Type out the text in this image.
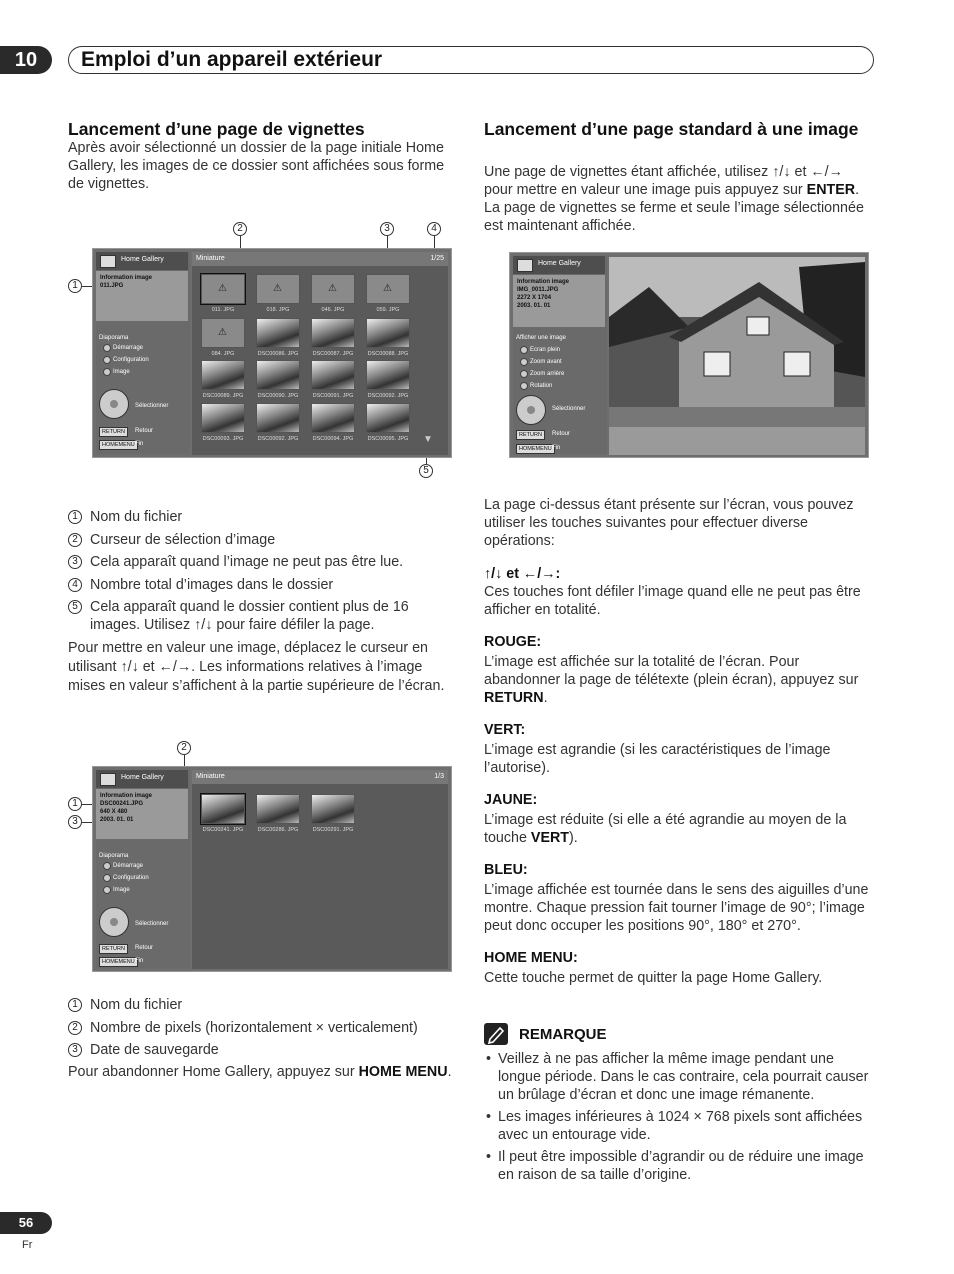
10	Emploi d’un appareil extérieur
Lancement d’une page de vignettes

Après avoir sélectionné un dossier de la page initiale Home Gallery, les images de ce dossier sont affichées sous forme de vignettes.

2	3	4
1
5
Home Gallery
Information image
011.JPG
Diaporama
Démarrage
Configuration
Image
Sélectionner
RETURN	Retour
HOMEMENU Fin
Miniature	1/25
⚠
⚠
⚠
⚠
011. JPG	018. JPG	046. JPG	059. JPG
⚠
084. JPG	DSC00086. JPG	DSC00087. JPG	DSC00088. JPG
DSC00089. JPG	DSC00090. JPG	DSC00091. JPG	DSC00092. JPG
DSC00093. JPG	DSC00092. JPG	DSC00094. JPG	DSC00095. JPG	▼
1 Nom du fichier
2 Curseur de sélection d’image
3 Cela apparaît quand l’image ne peut pas être lue.
4 Nombre total d’images dans le dossier
5 Cela apparaît quand le dossier contient plus de 16 images. Utilisez ↑/↓ pour faire défiler la page.

Pour mettre en valeur une image, déplacez le curseur en utilisant ↑/↓ et ←/→. Les informations relatives à l’image mises en valeur s’affichent à la partie supérieure de l’écran.

2
1
3
Home Gallery
Information image
DSC00241.JPG
640 X 480
2003. 01. 01
Diaporama
Démarrage
Configuration
Image
Sélectionner
RETURN	Retour
HOMEMENU Fin
Miniature	1/3
DSC00241. JPG	DSC00286. JPG	DSC00291. JPG
1 Nom du fichier
2 Nombre de pixels (horizontalement × verticalement)
3 Date de sauvegarde

Pour abandonner Home Gallery, appuyez sur HOME MENU.

Lancement d’une page standard à une image

Une page de vignettes étant affichée, utilisez ↑/↓ et ←/→ pour mettre en valeur une image puis appuyez sur ENTER. La page de vignettes se ferme et seule l’image sélectionnée est maintenant affichée.

Home Gallery
Information image
IMG_0011.JPG
2272 X 1704
2003. 01. 01
Afficher une image
Ecran plein
Zoom avant
Zoom arrière
Rotation
Sélectionner
RETURN	Retour
HOMEMENU Fin

La page ci-dessus étant présente sur l’écran, vous pouvez utiliser les touches suivantes pour effectuer diverse opérations:

↑/↓ et ←/→:

Ces touches font défiler l’image quand elle ne peut pas être afficher en totalité.

ROUGE:

L’image est affichée sur la totalité de l’écran. Pour abandonner la page de télétexte (plein écran), appuyez sur RETURN.

VERT:

L’image est agrandie (si les caractéristiques de l’image l’autorise).

JAUNE:

L’image est réduite (si elle a été agrandie au moyen de la touche VERT).

BLEU:

L’image affichée est tournée dans le sens des aiguilles d’une montre. Chaque pression fait tourner l’image de 90°; l’image peut donc occuper les positions 90°, 180° et 270°.

HOME MENU:

Cette touche permet de quitter la page Home Gallery.

REMARQUE
• Veillez à ne pas afficher la même image pendant une longue période. Dans le cas contraire, cela pourrait causer un brûlage d’écran et donc une image rémanente.
• Les images inférieures à 1024 × 768 pixels sont affichées avec un entourage vide.
• Il peut être impossible d’agrandir ou de réduire une image en raison de sa taille d’origine.
56
Fr
